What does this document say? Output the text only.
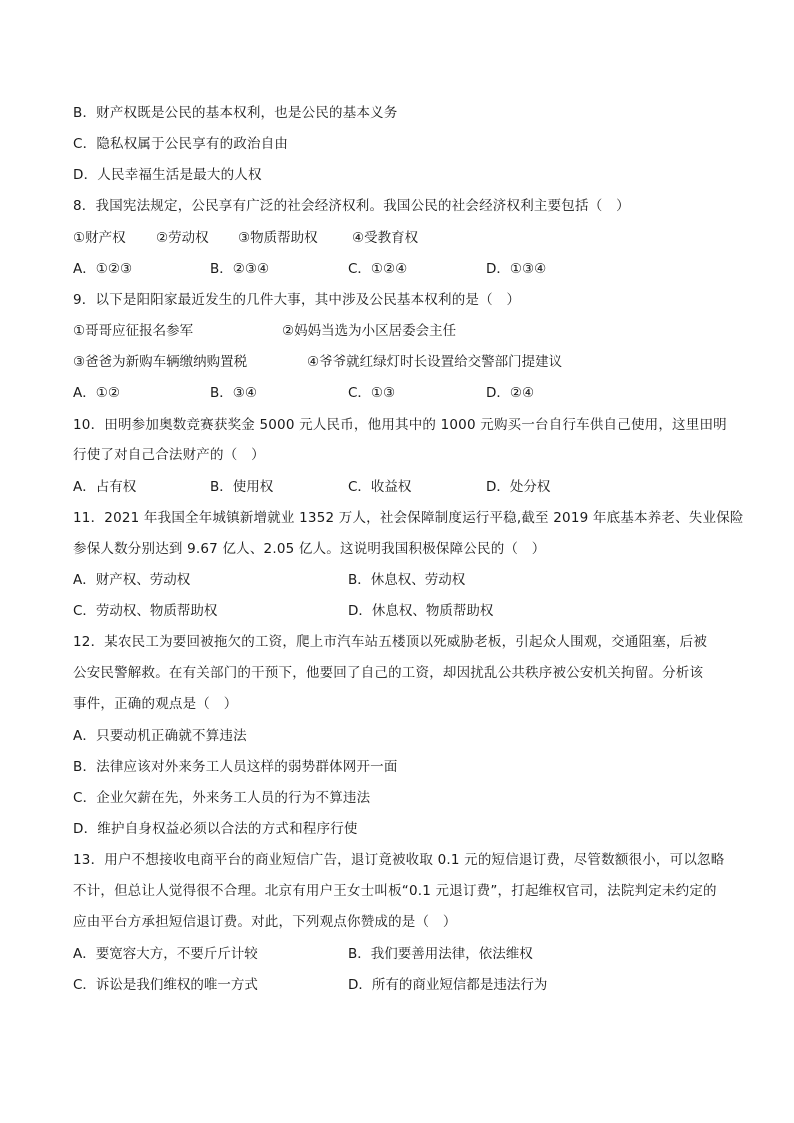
B．财产权既是公民的基本权利，也是公民的基本义务
C．隐私权属于公民享有的政治自由
D．人民幸福生活是最大的人权
8．我国宪法规定，公民享有广泛的社会经济权利。我国公民的社会经济权利主要包括（　）
①财产权 ②劳动权 ③物质帮助权	④受教育权
A．①②③	B．②③④	C．①②④	D．①③④
9．以下是阳阳家最近发生的几件大事，其中涉及公民基本权利的是（　）
①哥哥应征报名参军	②妈妈当选为小区居委会主任
③爸爸为新购车辆缴纳购置税	④爷爷就红绿灯时长设置给交警部门提建议
A．①②	B．③④	C．①③	D．②④
10．田明参加奥数竞赛获奖金 5000 元人民币，他用其中的 1000 元购买一台自行车供自己使用，这里田明
行使了对自己合法财产的（　）
A．占有权	B．使用权	C．收益权	D．处分权
11．2021 年我国全年城镇新增就业 1352 万人，社会保障制度运行平稳,截至 2019 年底基本养老、失业保险
参保人数分别达到 9.67 亿人、2.05 亿人。这说明我国积极保障公民的（　）
A．财产权、劳动权	B．休息权、劳动权
C．劳动权、物质帮助权	D．休息权、物质帮助权
12．某农民工为要回被拖欠的工资，爬上市汽车站五楼顶以死威胁老板，引起众人围观，交通阻塞，后被
公安民警解救。在有关部门的干预下，他要回了自己的工资，却因扰乱公共秩序被公安机关拘留。分析该
事件，正确的观点是（　）
A．只要动机正确就不算违法
B．法律应该对外来务工人员这样的弱势群体网开一面
C．企业欠薪在先，外来务工人员的行为不算违法
D．维护自身权益必须以合法的方式和程序行使
13．用户不想接收电商平台的商业短信广告，退订竟被收取 0.1 元的短信退订费，尽管数额很小，可以忽略
不计，但总让人觉得很不合理。北京有用户王女士叫板“0.1 元退订费”，打起维权官司，法院判定未约定的
应由平台方承担短信退订费。对此，下列观点你赞成的是（　）
A．要宽容大方，不要斤斤计较	B．我们要善用法律，依法维权
C．诉讼是我们维权的唯一方式	D．所有的商业短信都是违法行为
